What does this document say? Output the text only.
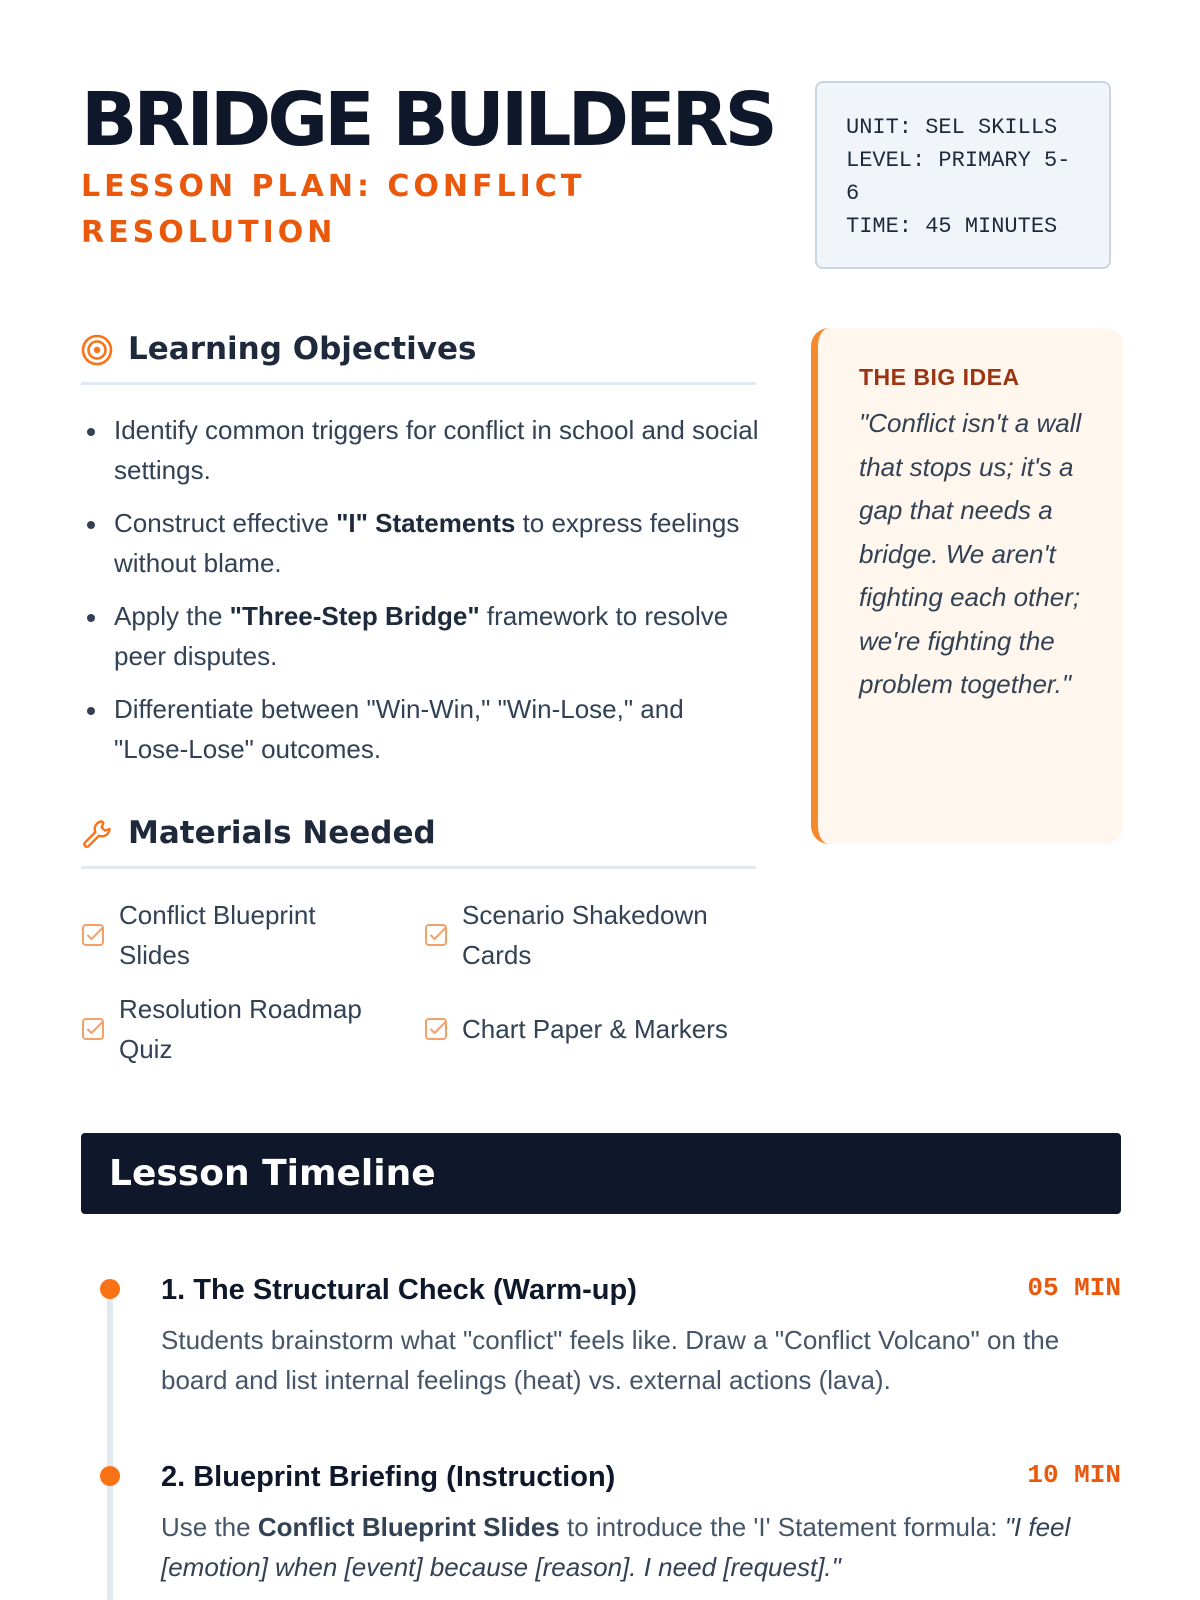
BRIDGE BUILDERS

LESSON PLAN: CONFLICT RESOLUTION

UNIT: SEL SKILLS
LEVEL: PRIMARY 5-
6
TIME: 45 MINUTES
Learning Objectives
Identify common triggers for conflict in school and social settings.
Construct effective "I" Statements to express feelings without blame.
Apply the "Three-Step Bridge" framework to resolve peer disputes.
Differentiate between "Win-Win," "Win-Lose," and "Lose-Lose" outcomes.
Materials Needed
Conflict Blueprint
Slides
Scenario Shakedown
Cards
Resolution Roadmap
Quiz
Chart Paper & Markers

THE BIG IDEA

"Conflict isn't a wall that stops us; it's a gap that needs a bridge. We aren't fighting each other; we're fighting the problem together."

Lesson Timeline
1. The Structural Check (Warm-up)	05 MIN

Students brainstorm what "conflict" feels like. Draw a "Conflict Volcano" on the board and list internal feelings (heat) vs. external actions (lava).

2. Blueprint Briefing (Instruction)	10 MIN

Use the Conflict Blueprint Slides to introduce the 'I' Statement formula: "I feel [emotion] when [event] because [reason]. I need [request]."
